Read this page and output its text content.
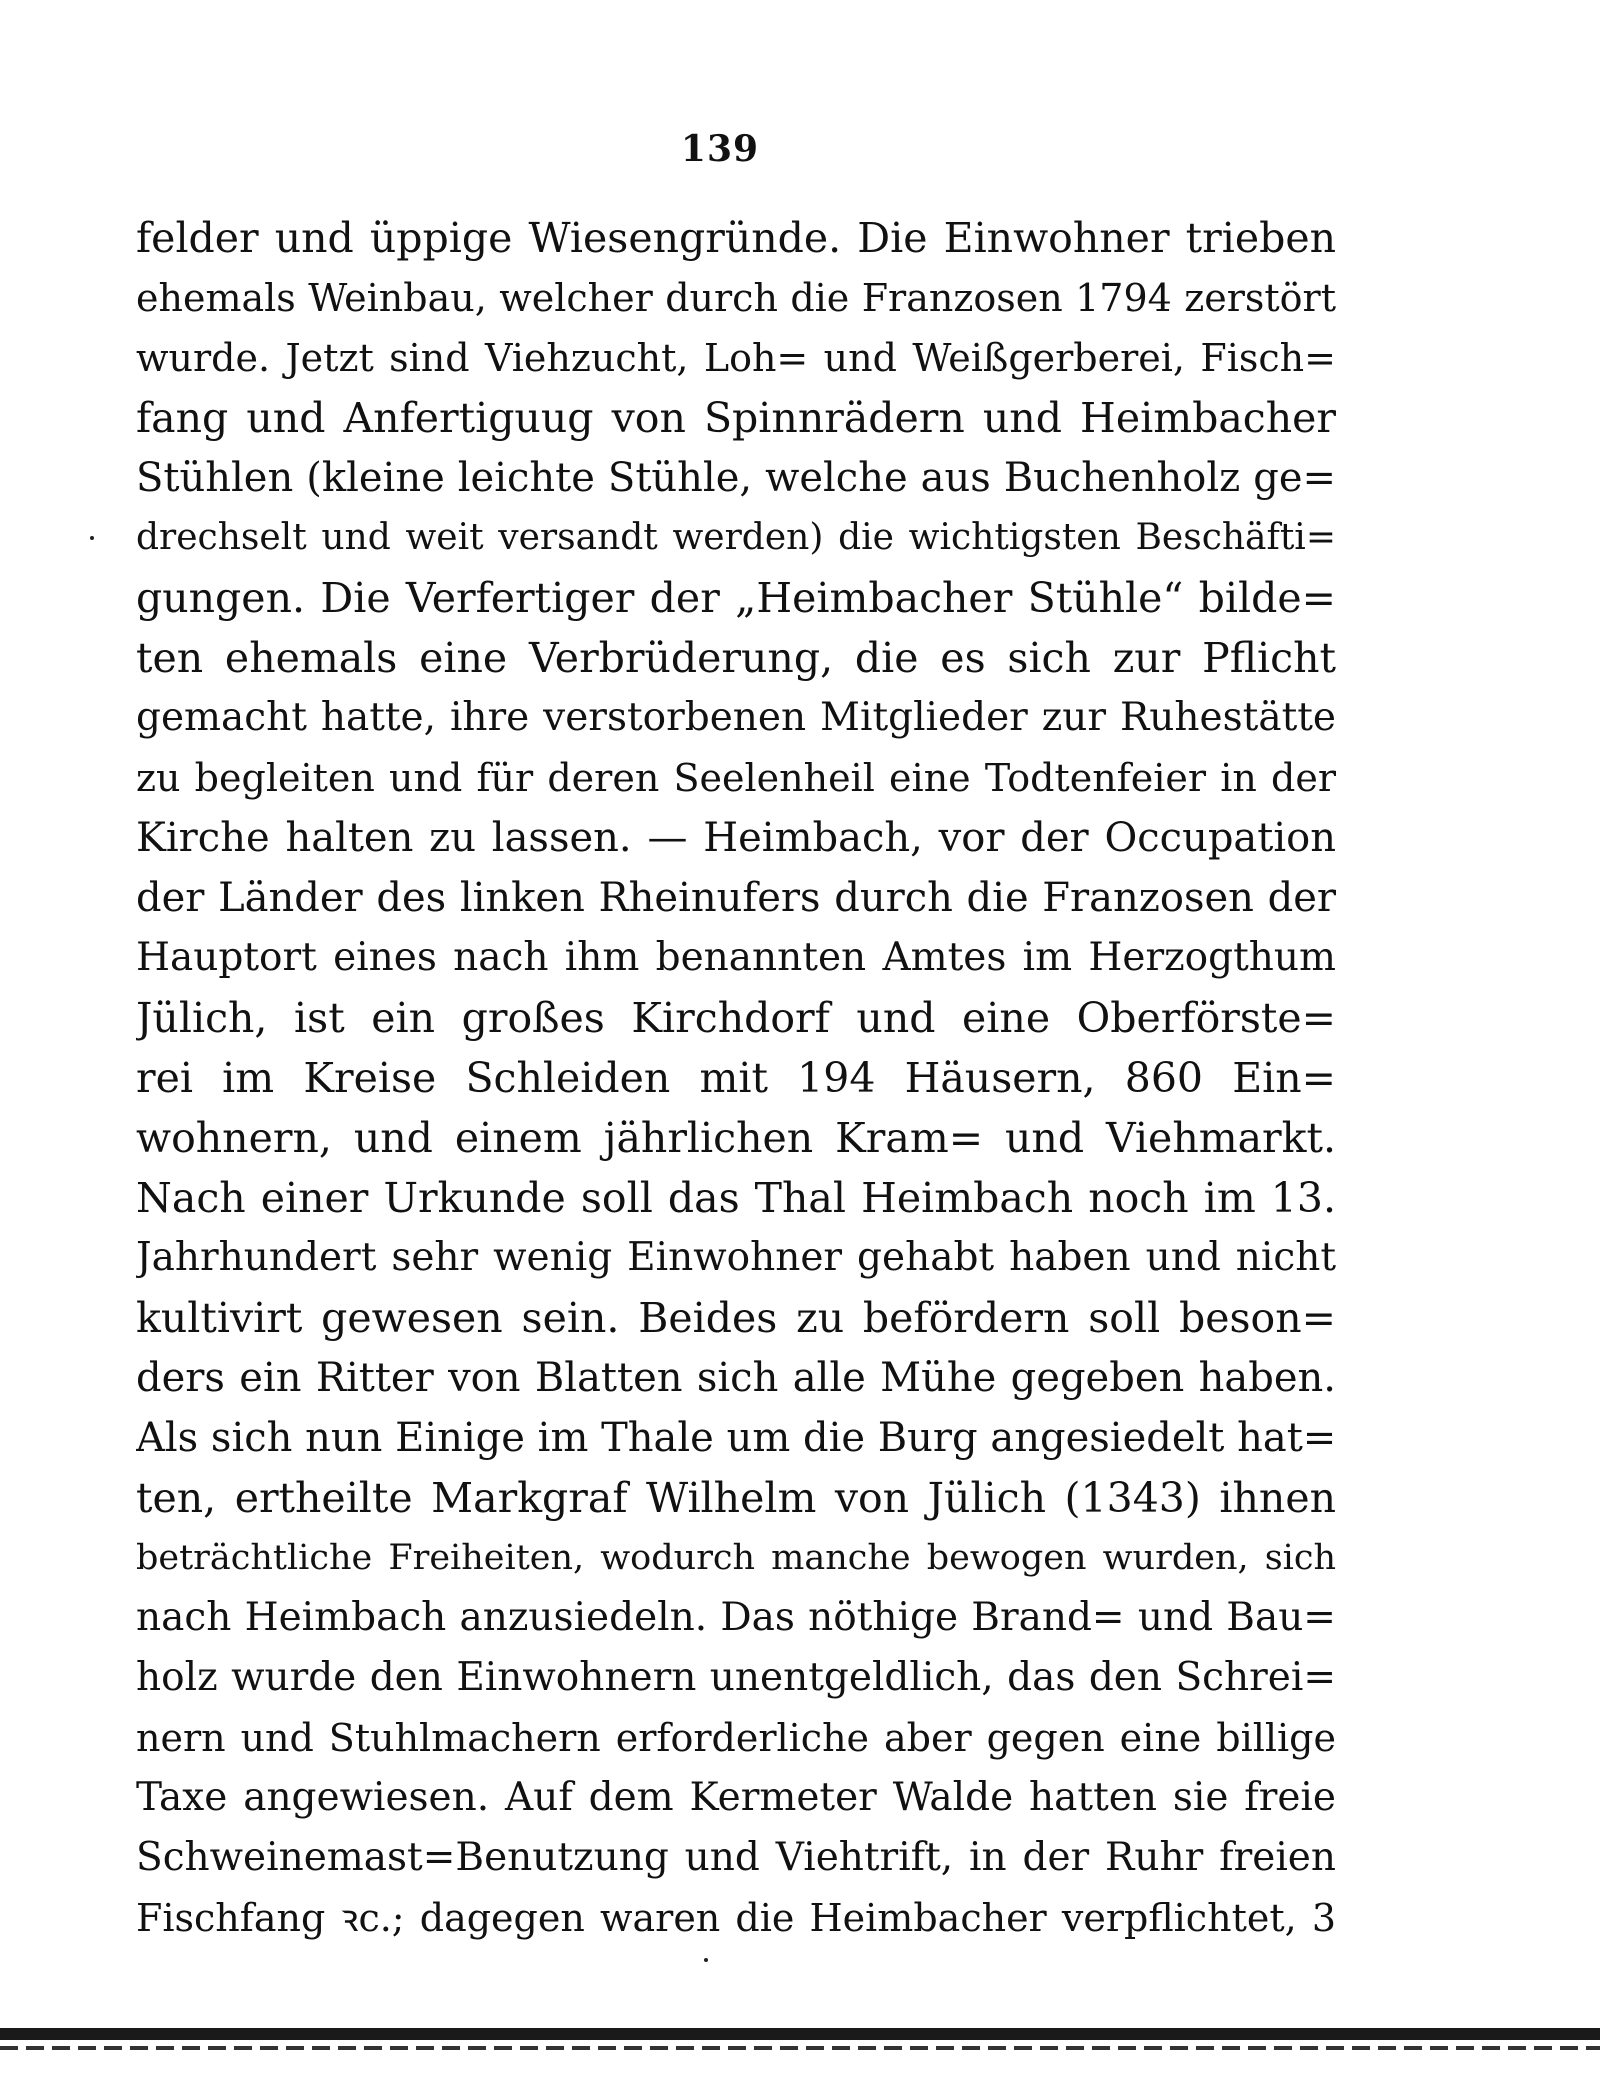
139
felder und üppige Wiesengründe. Die Einwohner trieben
ehemals Weinbau, welcher durch die Franzosen 1794 zerstört
wurde. Jetzt sind Viehzucht, Loh= und Weißgerberei, Fisch=
fang und Anfertiguug von Spinnrädern und Heimbacher
Stühlen (kleine leichte Stühle, welche aus Buchenholz ge=
drechselt und weit versandt werden) die wichtigsten Beschäfti=
gungen. Die Verfertiger der „Heimbacher Stühle“ bilde=
ten ehemals eine Verbrüderung, die es sich zur Pflicht
gemacht hatte, ihre verstorbenen Mitglieder zur Ruhestätte
zu begleiten und für deren Seelenheil eine Todtenfeier in der
Kirche halten zu lassen. — Heimbach, vor der Occupation
der Länder des linken Rheinufers durch die Franzosen der
Hauptort eines nach ihm benannten Amtes im Herzogthum
Jülich, ist ein großes Kirchdorf und eine Oberförste=
rei im Kreise Schleiden mit 194 Häusern, 860 Ein=
wohnern, und einem jährlichen Kram= und Viehmarkt.
Nach einer Urkunde soll das Thal Heimbach noch im 13.
Jahrhundert sehr wenig Einwohner gehabt haben und nicht
kultivirt gewesen sein. Beides zu befördern soll beson=
ders ein Ritter von Blatten sich alle Mühe gegeben haben.
Als sich nun Einige im Thale um die Burg angesiedelt hat=
ten, ertheilte Markgraf Wilhelm von Jülich (1343) ihnen
beträchtliche Freiheiten, wodurch manche bewogen wurden, sich
nach Heimbach anzusiedeln. Das nöthige Brand= und Bau=
holz wurde den Einwohnern unentgeldlich, das den Schrei=
nern und Stuhlmachern erforderliche aber gegen eine billige
Taxe angewiesen. Auf dem Kermeter Walde hatten sie freie
Schweinemast=Benutzung und Viehtrift, in der Ruhr freien
Fischfang ꝛc.; dagegen waren die Heimbacher verpflichtet, 3
